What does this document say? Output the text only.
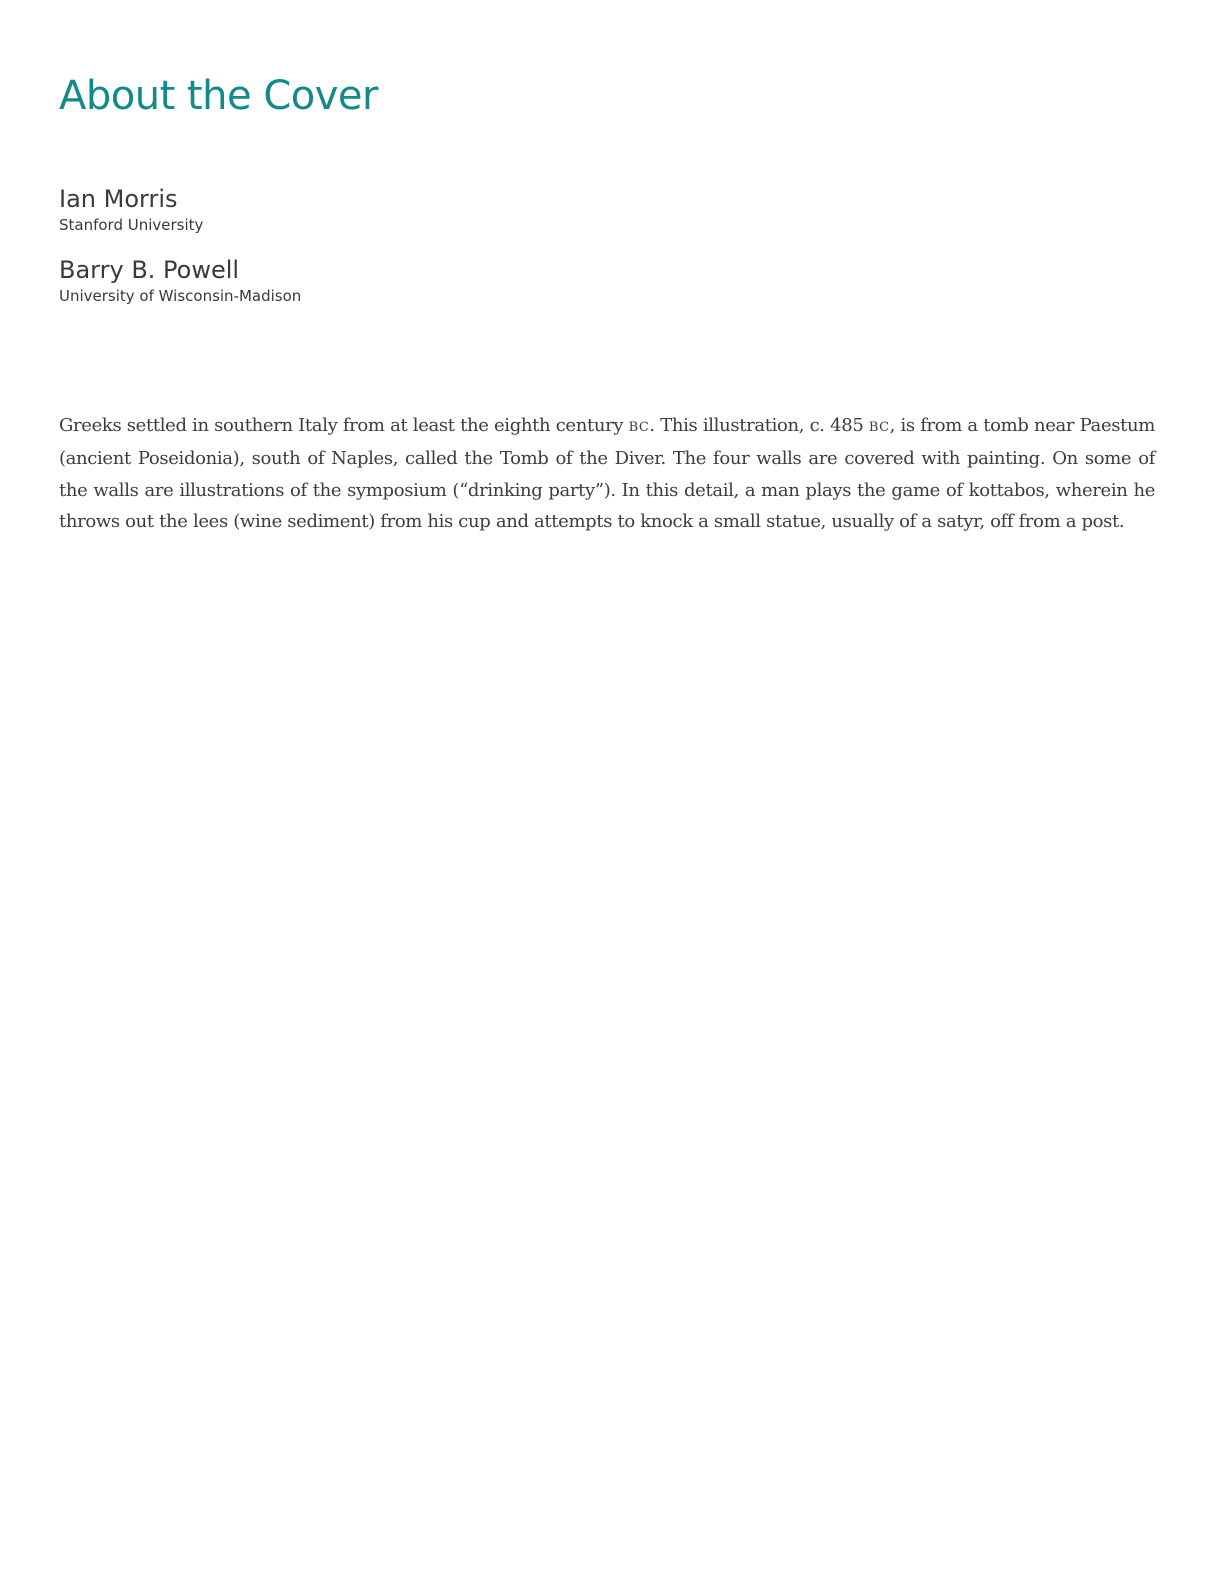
About the Cover
Ian Morris
Stanford University
Barry B. Powell
University of Wisconsin-Madison

Greeks settled in southern Italy from at least the eighth century BC. This illustration, c. 485 BC, is from a tomb near Paestum (ancient Poseidonia), south of Naples, called the Tomb of the Diver. The four walls are covered with painting. On some of the walls are illustrations of the symposium (“drinking party”). In this detail, a man plays the game of kottabos, wherein he throws out the lees (wine sediment) from his cup and attempts to knock a small statue, usually of a satyr, off from a post.
